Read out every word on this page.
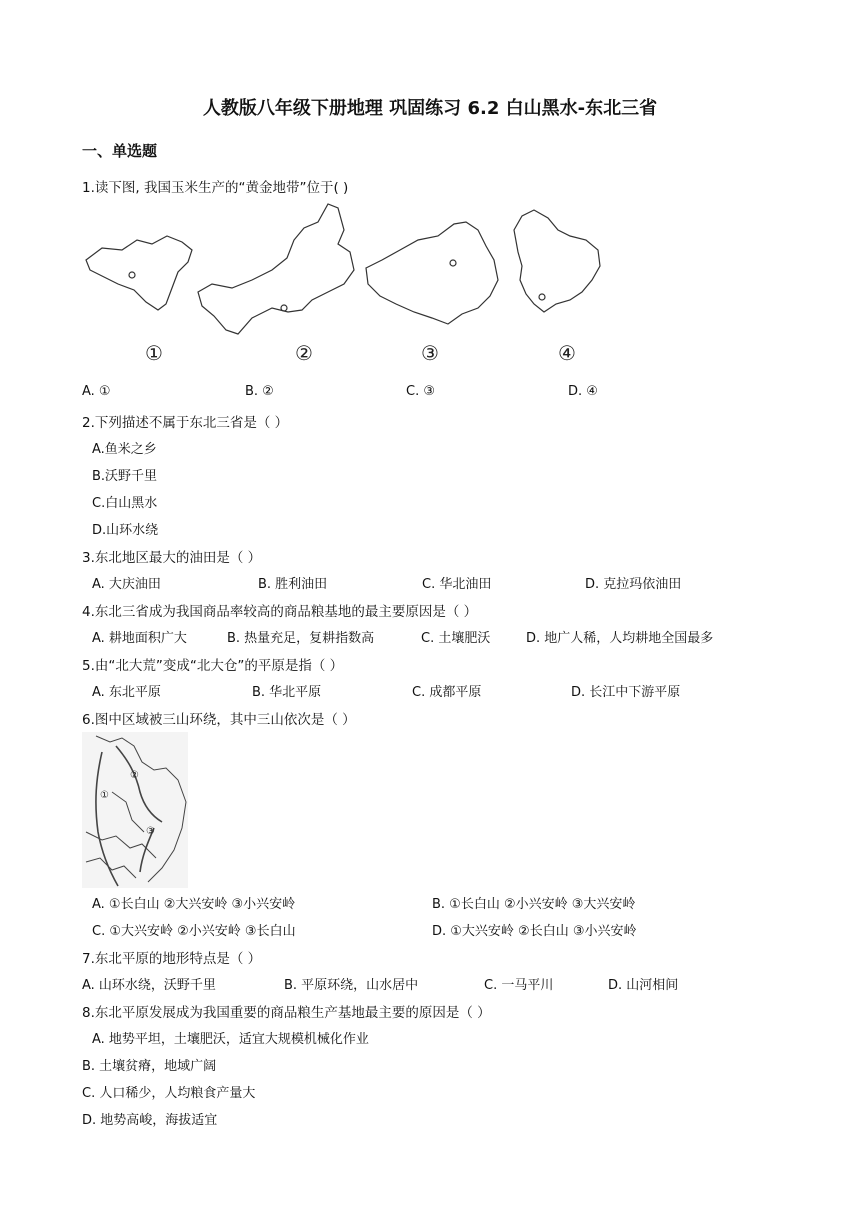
人教版八年级下册地理 巩固练习 6.2 白山黑水-东北三省
一、单选题
1.读下图, 我国玉米生产的“黄金地带”位于( )
①	②	③	④
A. ①	B. ②	C. ③	D. ④
2.下列描述不属于东北三省是（ ）
A.鱼米之乡
B.沃野千里
C.白山黑水
D.山环水绕
3.东北地区最大的油田是（ ）
A. 大庆油田	B. 胜利油田	C. 华北油田	D. 克拉玛依油田
4.东北三省成为我国商品率较高的商品粮基地的最主要原因是（ ）
A. 耕地面积广大	B. 热量充足，复耕指数高	C. 土壤肥沃	D. 地广人稀，人均耕地全国最多
5.由“北大荒”变成“北大仓”的平原是指（ ）
A. 东北平原	B. 华北平原	C. 成都平原	D. 长江中下游平原
6.图中区域被三山环绕，其中三山依次是（ ）
①
②
③
A. ①长白山 ②大兴安岭 ③小兴安岭	B. ①长白山 ②小兴安岭 ③大兴安岭
C. ①大兴安岭 ②小兴安岭 ③长白山	D. ①大兴安岭 ②长白山 ③小兴安岭
7.东北平原的地形特点是（ ）
A. 山环水绕，沃野千里	B. 平原环绕，山水居中	C. 一马平川	D. 山河相间
8.东北平原发展成为我国重要的商品粮生产基地最主要的原因是（ ）
A. 地势平坦，土壤肥沃，适宜大规模机械化作业
B. 土壤贫瘠，地域广阔
C. 人口稀少，人均粮食产量大
D. 地势高峻，海拔适宜
